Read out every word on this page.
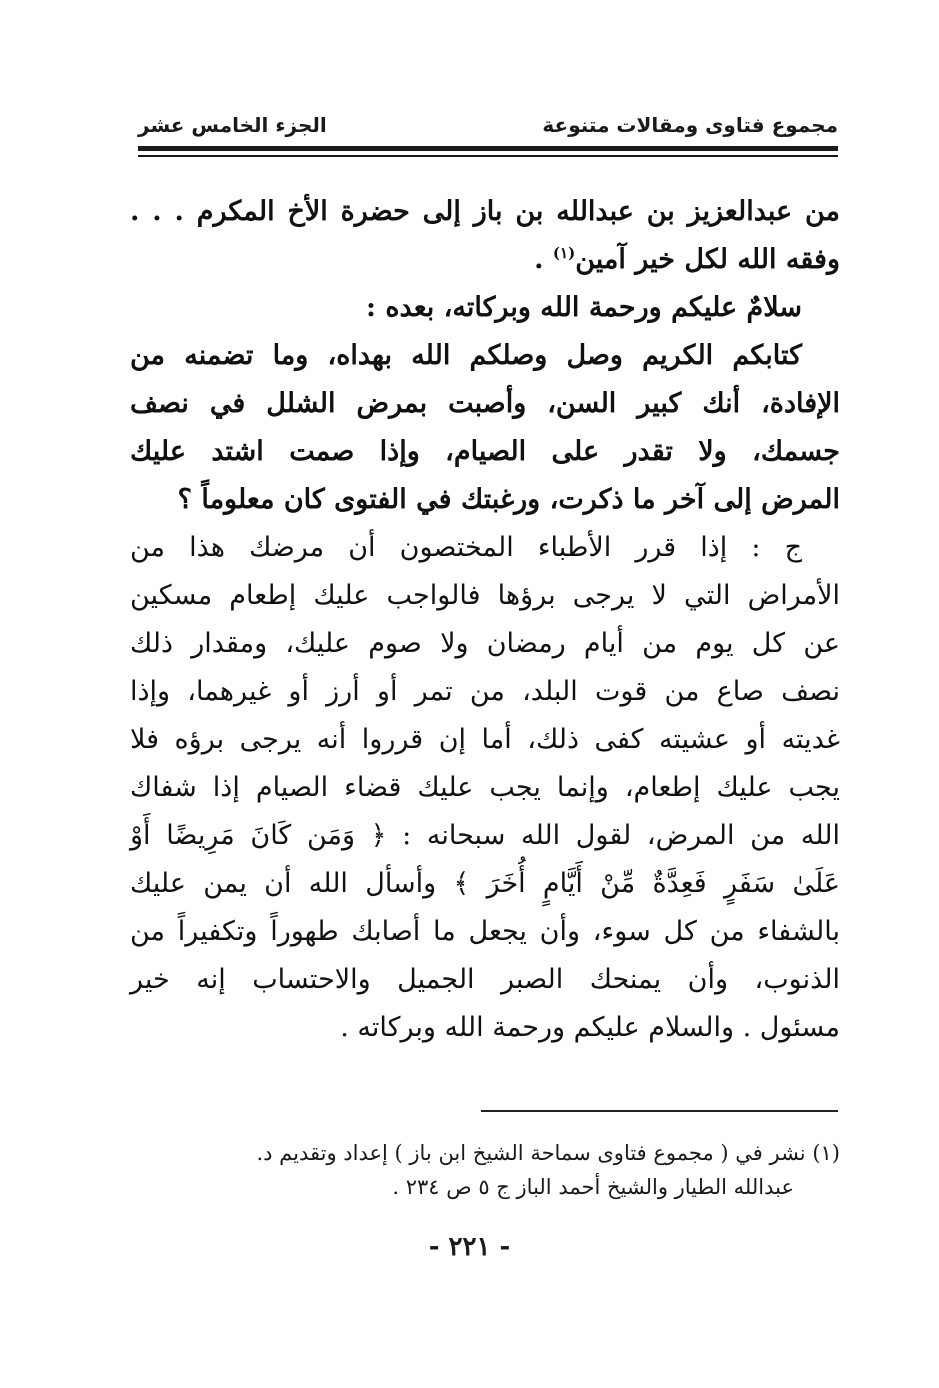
مجموع فتاوى ومقالات متنوعة
الجزء الخامس عشر
من عبدالعزيز بن عبدالله بن باز إلى حضرة الأخ المكرم . . .
وفقه الله لكل خير آمين$^{(١)}$ .
سلامٌ عليكم ورحمة الله وبركاته، بعده :
كتابكم الكريم وصل وصلكم الله بهداه، وما تضمنه من
الإفادة، أنك كبير السن، وأصبت بمرض الشلل في نصف
جسمك، ولا تقدر على الصيام، وإذا صمت اشتد عليك
المرض إلى آخر ما ذكرت، ورغبتك في الفتوى كان معلوماً ؟
ج : إذا قرر الأطباء المختصون أن مرضك هذا من
الأمراض التي لا يرجى برؤها فالواجب عليك إطعام مسكين
عن كل يوم من أيام رمضان ولا صوم عليك، ومقدار ذلك
نصف صاع من قوت البلد، من تمر أو أرز أو غيرهما، وإذا
غديته أو عشيته كفى ذلك، أما إن قرروا أنه يرجى برؤه فلا
يجب عليك إطعام، وإنما يجب عليك قضاء الصيام إذا شفاك
الله من المرض، لقول الله سبحانه : ﴿ وَمَن كَانَ مَرِيضًا أَوْ
عَلَىٰ سَفَرٍ فَعِدَّةٌ مِّنْ أَيَّامٍ أُخَرَ ﴾ وأسأل الله أن يمن عليك
بالشفاء من كل سوء، وأن يجعل ما أصابك طهوراً وتكفيراً من
الذنوب، وأن يمنحك الصبر الجميل والاحتساب إنه خير
مسئول . والسلام عليكم ورحمة الله وبركاته .
(١) نشر في ( مجموع فتاوى سماحة الشيخ ابن باز ) إعداد وتقديم د.
عبدالله الطيار والشيخ أحمد الباز ج ٥ ص ٢٣٤ .
- ٢٢١ -
